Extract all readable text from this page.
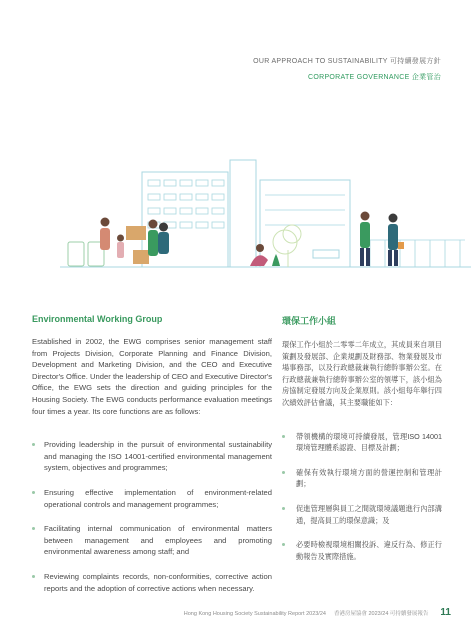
OUR APPROACH TO SUSTAINABILITY 可持續發展方針
CORPORATE GOVERNANCE 企業管治
Environmental Working Group

Established in 2002, the EWG comprises senior management staff from Projects Division, Corporate Planning and Finance Division, Development and Marketing Division, and the CEO and Executive Director's Office. Under the leadership of CEO and Executive Director's Office, the EWG sets the direction and guiding principles for the Housing Society. The EWG conducts performance evaluation meetings four times a year. Its core functions are as follows:

Providing leadership in the pursuit of environmental sustainability and managing the ISO 14001-certified environmental management system, objectives and programmes;
Ensuring effective implementation of environment-related operational controls and management programmes;
Facilitating internal communication of environmental matters between management and employees and promoting environmental awareness among staff; and
Reviewing complaints records, non-conformities, corrective action reports and the adoption of corrective actions when necessary.
環保工作小組

環保工作小組於二零零二年成立，其成員來自項目策劃及發展部、企業規劃及財務部、物業發展及市場事務部，以及行政總裁兼執行總幹事辦公室。在行政總裁兼執行總幹事辦公室的領導下，該小組為房協制定發展方向及企業原則。該小組每年舉行四次績效評估會議，其主要職能如下：

帶領機構的環境可持續發展，管理ISO 14001環境管理體系認證、目標及計劃；
確保有效執行環境方面的營運控制和管理計劃；
促進管理層與員工之間就環境議題進行內部溝通，提高員工的環保意識；及
必要時檢視環境相關投訴、違反行為、修正行動報告及實際措施。
Hong Kong Housing Society Sustainability Report 2023/24 香港房屋協會 2023/24 可持續發展報告 11
